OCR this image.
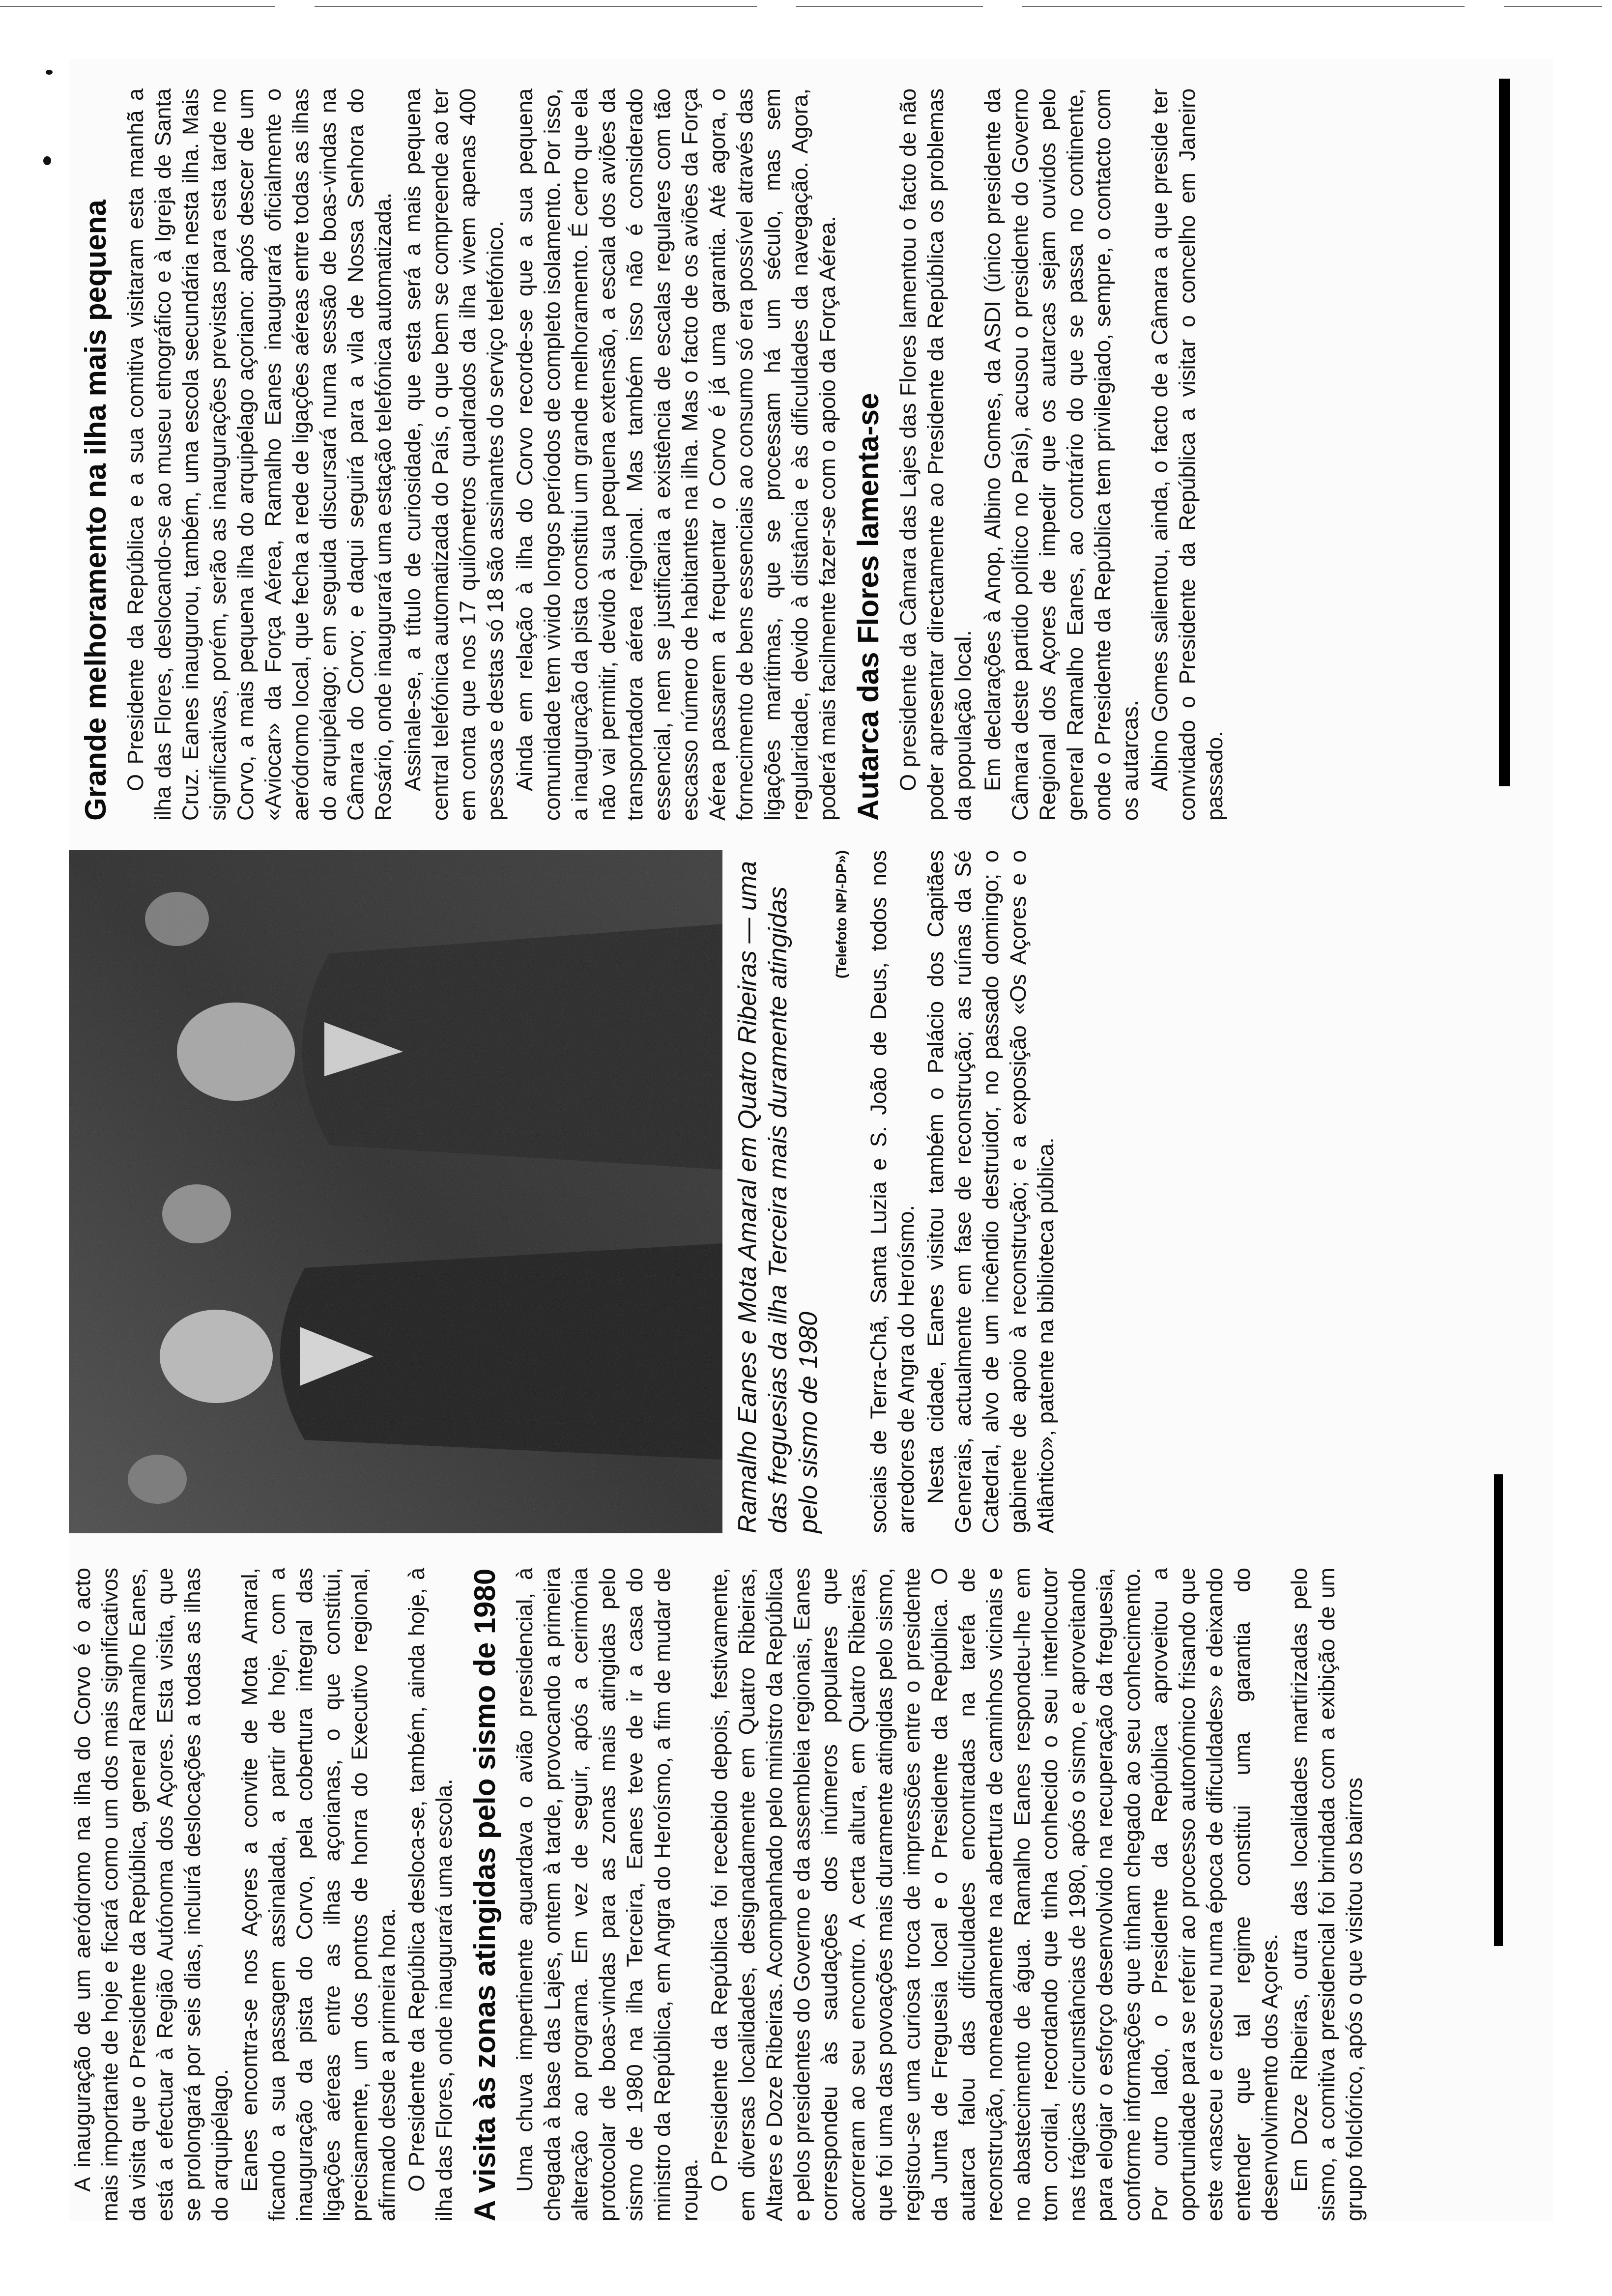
A inauguração de um aeródromo na ilha do Corvo é o acto mais importante de hoje e ficará como um dos mais significativos da visita que o Presidente da República, general Ramalho Eanes, está a efectuar à Região Autónoma dos Açores. Esta visita, que se prolongará por seis dias, incluirá deslocações a todas as ilhas do arquipélago. Eanes encontra-se nos Açores a convite de Mota Amaral, ficando a sua passagem assinalada, a partir de hoje, com a inauguração da pista do Corvo, pela cobertura integral das ligações aéreas entre as ilhas açorianas, o que constitui, precisamente, um dos pontos de honra do Executivo regional, afirmado desde a primeira hora. O Presidente da República desloca-se, também, ainda hoje, à ilha das Flores, onde inaugurará uma escola. A visita às zonas atingidas pelo sismo de 1980 Uma chuva impertinente aguardava o avião presidencial, à chegada à base das Lajes, ontem à tarde, provocando a primeira alteração ao programa. Em vez de seguir, após a cerimónia protocolar de boas-vindas para as zonas mais atingidas pelo sismo de 1980 na ilha Terceira, Eanes teve de ir a casa do ministro da República, em Angra do Heroísmo, a fim de mudar de roupa. O Presidente da República foi recebido depois, festivamente, em diversas localidades, designadamente em Quatro Ribeiras, Altares e Doze Ribeiras. Acompanhado pelo ministro da República e pelos presidentes do Governo e da assembleia regionais, Eanes correspondeu às saudações dos inúmeros populares que acorreram ao seu encontro. A certa altura, em Quatro Ribeiras, que foi uma das povoações mais duramente atingidas pelo sismo, registou-se uma curiosa troca de impressões entre o presidente da Junta de Freguesia local e o Presidente da República. O autarca falou das dificuldades encontradas na tarefa de reconstrução, nomeadamente na abertura de caminhos vicinais e no abastecimento de água. Ramalho Eanes respondeu-lhe em tom cordial, recordando que tinha conhecido o seu interlocutor nas trágicas circunstâncias de 1980, após o sismo, e aproveitando para elogiar o esforço desenvolvido na recuperação da freguesia, conforme informações que tinham chegado ao seu conhecimento. Por outro lado, o Presidente da República aproveitou a oportunidade para se referir ao processo autonómico frisando que este «nasceu e cresceu numa época de dificuldades» e deixando entender que tal regime constitui uma garantia do desenvolvimento dos Açores. Em Doze Ribeiras, outra das localidades martirizadas pelo sismo, a comitiva presidencial foi brindada com a exibição de um grupo folclórico, após o que visitou os bairros

Ramalho Eanes e Mota Amaral em Quatro Ribeiras — uma das freguesias da ilha Terceira mais duramente atingidas pelo sismo de 1980
(Telefoto NP/-DP») sociais de Terra-Chã, Santa Luzia e S. João de Deus, todos nos arredores de Angra do Heroísmo. Nesta cidade, Eanes visitou também o Palácio dos Capitães Generais, actualmente em fase de reconstrução; as ruínas da Sé Catedral, alvo de um incêndio destruidor, no passado domingo; o gabinete de apoio à reconstrução; e a exposição «Os Açores e o Atlântico», patente na biblioteca pública.

Grande melhoramento na ilha mais pequena O Presidente da República e a sua comitiva visitaram esta manhã a ilha das Flores, deslocando-se ao museu etnográfico e à Igreja de Santa Cruz. Eanes inaugurou, também, uma escola secundária nesta ilha. Mais significativas, porém, serão as inaugurações previstas para esta tarde no Corvo, a mais pequena ilha do arquipélago açoriano: após descer de um «Aviocar» da Força Aérea, Ramalho Eanes inaugurará oficialmente o aeródromo local, que fecha a rede de ligações aéreas entre todas as ilhas do arquipélago; em seguida discursará numa sessão de boas-vindas na Câmara do Corvo; e daqui seguirá para a vila de Nossa Senhora do Rosário, onde inaugurará uma estação telefónica automatizada. Assinale-se, a título de curiosidade, que esta será a mais pequena central telefónica automatizada do País, o que bem se compreende ao ter em conta que nos 17 quilómetros quadrados da ilha vivem apenas 400 pessoas e destas só 18 são assinantes do serviço telefónico. Ainda em relação à ilha do Corvo recorde-se que a sua pequena comunidade tem vivido longos períodos de completo isolamento. Por isso, a inauguração da pista constitui um grande melhoramento. É certo que ela não vai permitir, devido à sua pequena extensão, a escala dos aviões da transportadora aérea regional. Mas também isso não é considerado essencial, nem se justificaria a existência de escalas regulares com tão escasso número de habitantes na ilha. Mas o facto de os aviões da Força Aérea passarem a frequentar o Corvo é já uma garantia. Até agora, o fornecimento de bens essenciais ao consumo só era possível através das ligações marítimas, que se processam há um século, mas sem regularidade, devido à distância e às dificuldades da navegação. Agora, poderá mais facilmente fazer-se com o apoio da Força Aérea. Autarca das Flores lamenta-se O presidente da Câmara das Lajes das Flores lamentou o facto de não poder apresentar directamente ao Presidente da República os problemas da população local. Em declarações à Anop, Albino Gomes, da ASDI (único presidente da Câmara deste partido político no País), acusou o presidente do Governo Regional dos Açores de impedir que os autarcas sejam ouvidos pelo general Ramalho Eanes, ao contrário do que se passa no continente, onde o Presidente da República tem privilegiado, sempre, o contacto com os autarcas. Albino Gomes salientou, ainda, o facto de a Câmara a que preside ter convidado o Presidente da República a visitar o concelho em Janeiro passado.
